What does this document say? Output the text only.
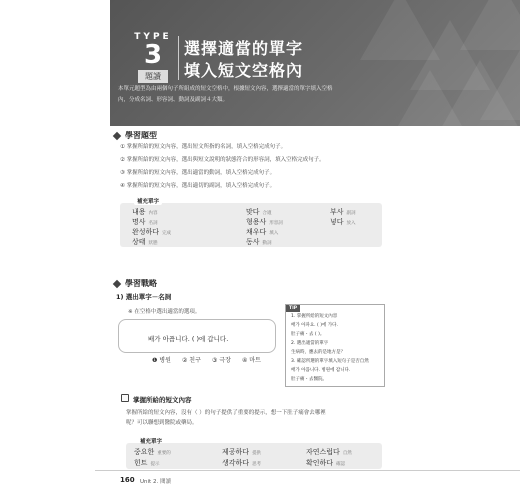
TYPE
3
題讀
選擇適當的單字
填入短文空格內
本單元題型為由兩個句子所組成的短文空格中，根據短文內容，選擇適當的單字填入空格
內，分成名詞、形容詞、動詞及副詞４大類。
學習題型
① 掌握所給的短文內容，選出短文所指的名詞，填入空格完成句子。
② 掌握所給的短文內容，選出與短文說明的狀態符合的形容詞，填入空格完成句子。
③ 掌握所給的短文內容，選出適當的動詞，填入空格完成句子。
④ 掌握所給的短文內容，選出適切的副詞，填入空格完成句子。
補充單字
내용 內容	맞다 合適	부사 副詞
명사 名詞	형용사 形容詞	넣다 放入
완성하다 完成	채우다 填入
상태 狀態	동사 動詞
學習戰略
1) 選出單字－名詞
※ 在空格中選出適當的選項。
배가 아픕니다. ( )에 갑니다.
❶ 병원 ② 친구 ③ 극장 ④ 마트
TIP
1. 掌握所給的短文內容
배가 아파요. ( )에 가다.
肚子痛・去 ( )。
2. 選出適當的單字
生病時，應去的是地方是？
3. 確認所選的單字填入短句子是否自然
배가 아픕니다. 병원에 갑니다.
肚子痛・去醫院。
掌握所給的短文內容
掌握所給的短文內容，沒有（ ）的句子提供了重要的提示，想一下肚子痛會去哪裡
呢？可以聯想到醫院或藥局。
補充單字
중요한 重要的	제공하다 提供	자연스럽다 自然
힌트 提示	생각하다 思考	확인하다 確認
160 Unit 2. 閱讀
